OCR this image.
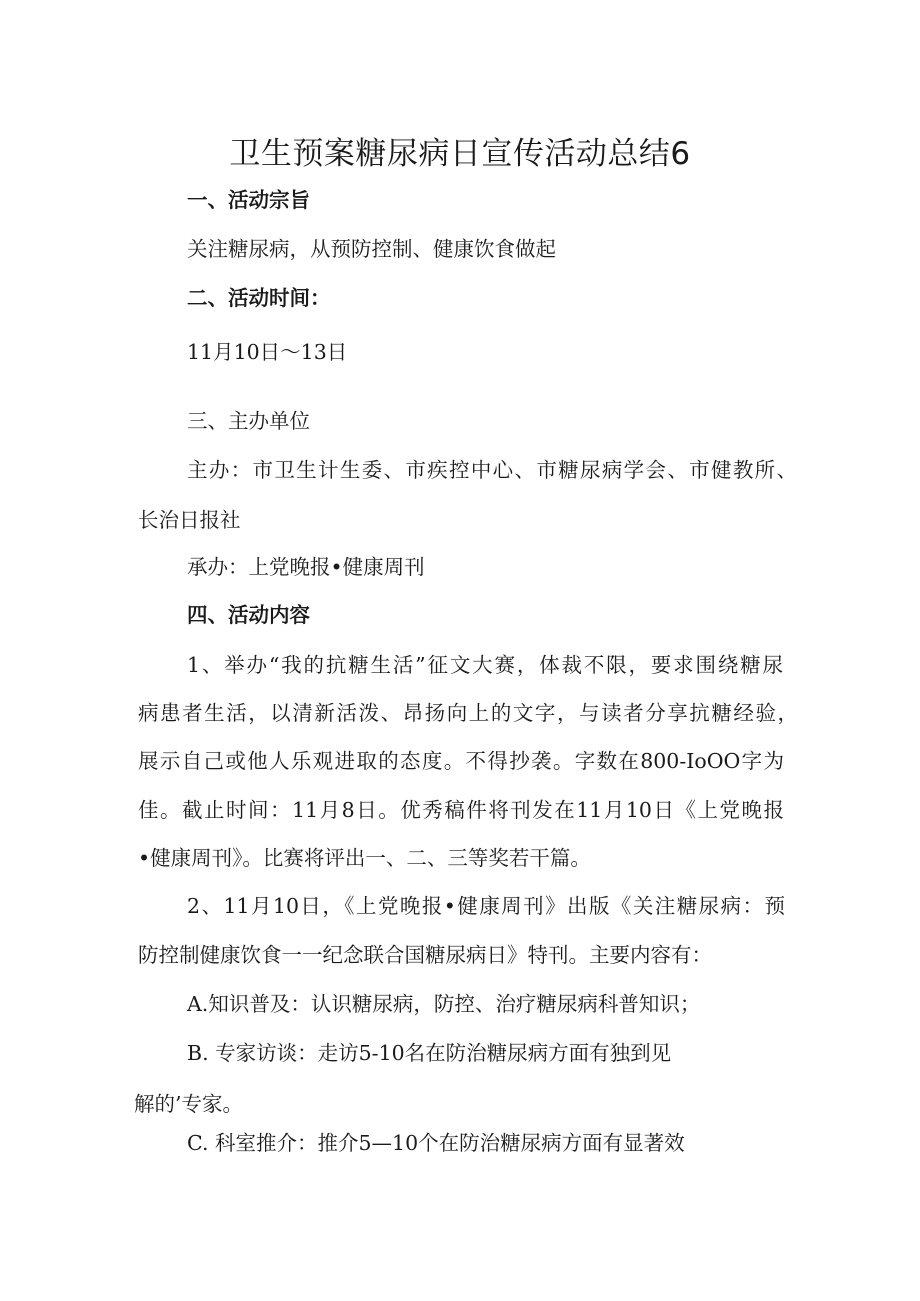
卫生预案糖尿病日宣传活动总结6
一、活动宗旨
关注糖尿病，从预防控制、健康饮食做起
二、活动时间：
11月10日～13日
三、主办单位
主办：市卫生计生委、市疾控中心、市糖尿病学会、市健教所、
长治日报社
承办：上党晚报•健康周刊
四、活动内容
1、举办“我的抗糖生活”征文大赛，体裁不限，要求围绕糖尿
病患者生活，以清新活泼、昂扬向上的文字，与读者分享抗糖经验，
展示自己或他人乐观进取的态度。不得抄袭。字数在800-IoOO字为
佳。截止时间：11月8日。优秀稿件将刊发在11月10日《上党晚报
•健康周刊》。比赛将评出一、二、三等奖若干篇。
2、11月10日，《上党晚报•健康周刊》出版《关注糖尿病：预
防控制健康饮食一一纪念联合国糖尿病日》特刊。主要内容有：
A.知识普及：认识糖尿病，防控、治疗糖尿病科普知识；
B. 专家访谈：走访5-10名在防治糖尿病方面有独到见
解的’专家。
C. 科室推介：推介5—10个在防治糖尿病方面有显著效
